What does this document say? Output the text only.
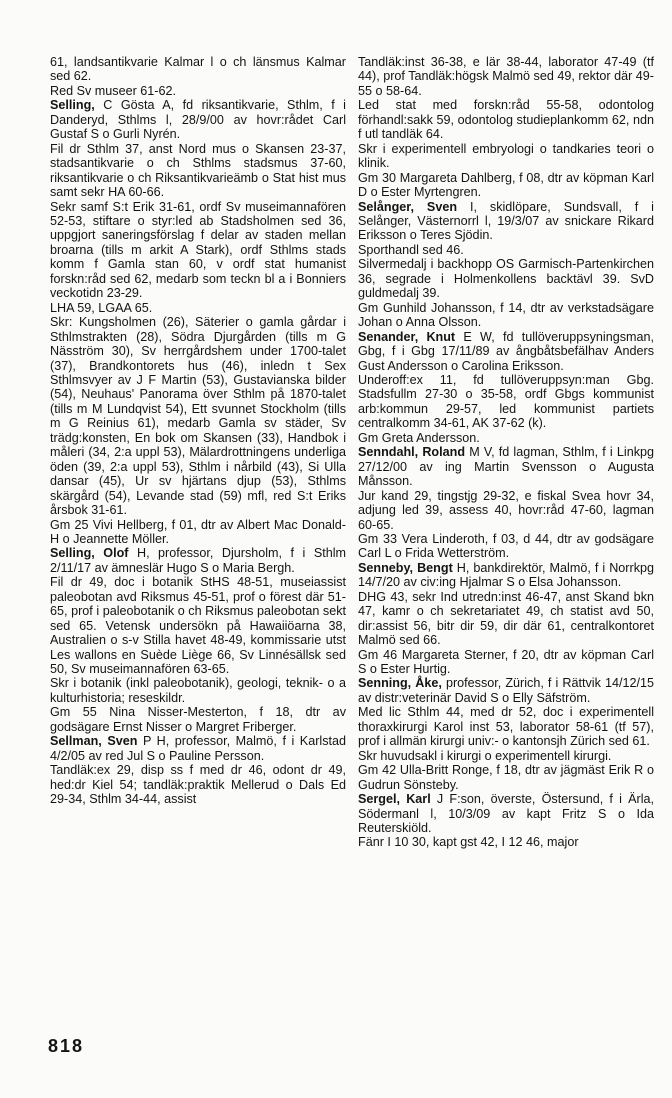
61, landsantikvarie Kalmar l o ch länsmus Kalmar sed 62.

Red Sv museer 61-62.

Selling, C Gösta A, fd riksantikvarie, Sthlm, f i Danderyd, Sthlms l, 28/9/00 av hovr:rådet Carl Gustaf S o Gurli Nyrén.

Fil dr Sthlm 37, anst Nord mus o Skansen 23-37, stadsantikvarie o ch Sthlms stadsmus 37-60, riksantikvarie o ch Riksantikvarieämb o Stat hist mus samt sekr HA 60-66.

Sekr samf S:t Erik 31-61, ordf Sv museimannafören 52-53, stiftare o styr:led ab Stadsholmen sed 36, uppgjort saneringsförslag f delar av staden mellan broarna (tills m arkit A Stark), ordf Sthlms stads komm f Gamla stan 60, v ordf stat humanist forskn:råd sed 62, medarb som teckn bl a i Bonniers veckotidn 23-29.

LHA 59, LGAA 65.

Skr: Kungsholmen (26), Säterier o gamla gårdar i Sthlmstrakten (28), Södra Djurgården (tills m G Näsström 30), Sv herrgårdshem under 1700-talet (37), Brandkontorets hus (46), inledn t Sex Sthlmsvyer av J F Martin (53), Gustavianska bilder (54), Neuhaus' Panorama över Sthlm på 1870-talet (tills m M Lundqvist 54), Ett svunnet Stockholm (tills m G Reinius 61), medarb Gamla sv städer, Sv trädg:konsten, En bok om Skansen (33), Handbok i måleri (34, 2:a uppl 53), Mälardrottningens underliga öden (39, 2:a uppl 53), Sthlm i nårbild (43), Si Ulla dansar (45), Ur sv hjärtans djup (53), Sthlms skärgård (54), Levande stad (59) mfl, red S:t Eriks årsbok 31-61.

Gm 25 Vivi Hellberg, f 01, dtr av Albert Mac Donald-H o Jeannette Möller.

Selling, Olof H, professor, Djursholm, f i Sthlm 2/11/17 av ämneslär Hugo S o Maria Bergh.

Fil dr 49, doc i botanik StHS 48-51, museiassist paleobotan avd Riksmus 45-51, prof o förest där 51-65, prof i paleobotanik o ch Riksmus paleobotan sekt sed 65. Vetensk undersökn på Hawaiiöarna 38, Australien o s-v Stilla havet 48-49, kommissarie utst Les wallons en Suède Liège 66, Sv Linnésällsk sed 50, Sv museimannafören 63-65.

Skr i botanik (inkl paleobotanik), geologi, teknik- o a kulturhistoria; reseskildr.

Gm 55 Nina Nisser-Mesterton, f 18, dtr av godsägare Ernst Nisser o Margret Friberger.

Sellman, Sven P H, professor, Malmö, f i Karlstad 4/2/05 av red Jul S o Pauline Persson.

Tandläk:ex 29, disp ss f med dr 46, odont dr 49, hed:dr Kiel 54; tandläk:praktik Mellerud o Dals Ed 29-34, Sthlm 34-44, assist

Tandläk:inst 36-38, e lär 38-44, laborator 47-49 (tf 44), prof Tandläk:högsk Malmö sed 49, rektor där 49-55 o 58-64.

Led stat med forskn:råd 55-58, odontolog förhandl:sakk 59, odontolog studieplankomm 62, ndn f utl tandläk 64.

Skr i experimentell embryologi o tandkaries teori o klinik.

Gm 30 Margareta Dahlberg, f 08, dtr av köpman Karl D o Ester Myrtengren.

Selånger, Sven I, skidlöpare, Sundsvall, f i Selånger, Västernorrl l, 19/3/07 av snickare Rikard Eriksson o Teres Sjödin.

Sporthandl sed 46.

Silvermedalj i backhopp OS Garmisch-Partenkirchen 36, segrade i Holmenkollens backtävl 39. SvD guldmedalj 39.

Gm Gunhild Johansson, f 14, dtr av verkstadsägare Johan o Anna Olsson.

Senander, Knut E W, fd tullöveruppsyningsman, Gbg, f i Gbg 17/11/89 av ångbåtsbefälhav Anders Gust Andersson o Carolina Eriksson.

Underoff:ex 11, fd tullöveruppsyn:man Gbg. Stadsfullm 27-30 o 35-58, ordf Gbgs kommunist arb:kommun 29-57, led kommunist partiets centralkomm 34-61, AK 37-62 (k).

Gm Greta Andersson.

Senndahl, Roland M V, fd lagman, Sthlm, f i Linkpg 27/12/00 av ing Martin Svensson o Augusta Månsson.

Jur kand 29, tingstjg 29-32, e fiskal Svea hovr 34, adjung led 39, assess 40, hovr:råd 47-60, lagman 60-65.

Gm 33 Vera Linderoth, f 03, d 44, dtr av godsägare Carl L o Frida Wetterström.

Senneby, Bengt H, bankdirektör, Malmö, f i Norrkpg 14/7/20 av civ:ing Hjalmar S o Elsa Johansson.

DHG 43, sekr Ind utredn:inst 46-47, anst Skand bkn 47, kamr o ch sekretariatet 49, ch statist avd 50, dir:assist 56, bitr dir 59, dir där 61, centralkontoret Malmö sed 66.

Gm 46 Margareta Sterner, f 20, dtr av köpman Carl S o Ester Hurtig.

Senning, Åke, professor, Zürich, f i Rättvik 14/12/15 av distr:veterinär David S o Elly Säfström.

Med lic Sthlm 44, med dr 52, doc i experimentell thoraxkirurgi Karol inst 53, laborator 58-61 (tf 57), prof i allmän kirurgi univ:- o kantonsjh Zürich sed 61.

Skr huvudsakl i kirurgi o experimentell kirurgi.

Gm 42 Ulla-Britt Ronge, f 18, dtr av jägmäst Erik R o Gudrun Sönsteby.

Sergel, Karl J F:son, överste, Östersund, f i Ärla, Södermanl l, 10/3/09 av kapt Fritz S o Ida Reuterskiöld.

Fänr I 10 30, kapt gst 42, I 12 46, major

818
